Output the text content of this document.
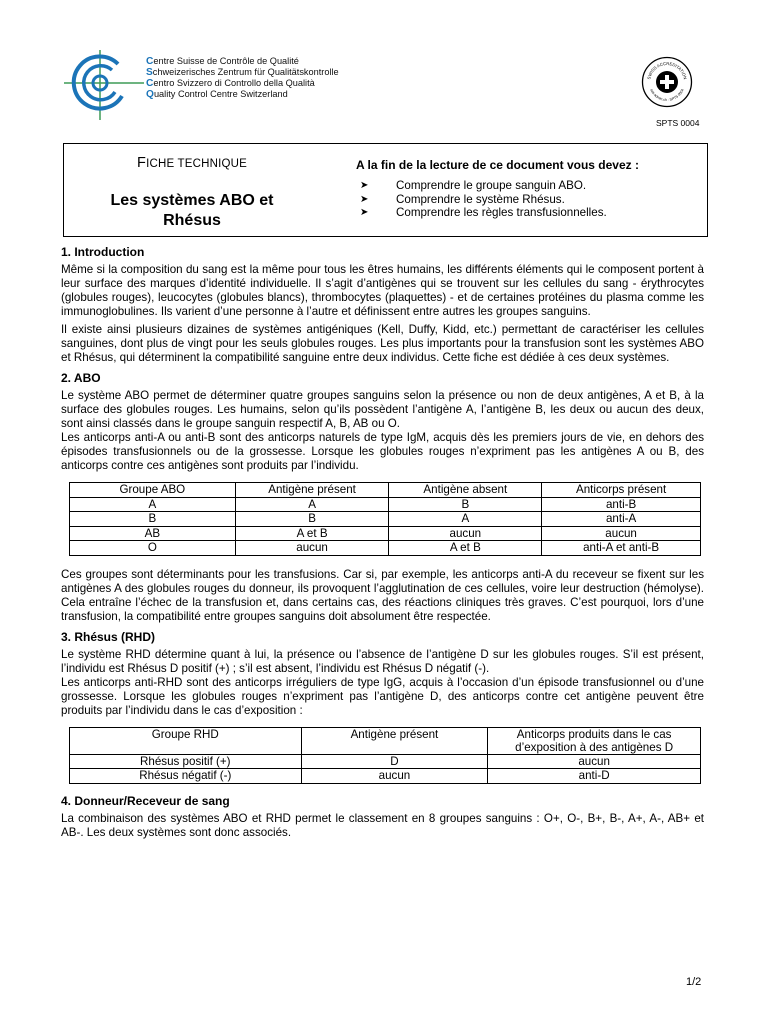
Centre Suisse de Contrôle de Qualité
Schweizerisches Zentrum für Qualitätskontrolle
Centro Svizzero di Controllo della Qualità
Quality Control Centre Switzerland
SWISS ACCREDITATION
sas.admin.ch · SPTS 0004
SPTS 0004
FICHE TECHNIQUE
Les systèmes ABO et
Rhésus
A la fin de la lecture de ce document vous devez :
➤ Comprendre le groupe sanguin ABO.
➤ Comprendre le système Rhésus.
➤ Comprendre les règles transfusionnelles.
1. Introduction

Même si la composition du sang est la même pour tous les êtres humains, les différents éléments qui le composent portent à leur surface des marques d’identité individuelle. Il s’agit d’antigènes qui se trouvent sur les cellules du sang - érythrocytes (globules rouges), leucocytes (globules blancs), thrombocytes (plaquettes) - et de certaines protéines du plasma comme les immunoglobulines. Ils varient d’une personne à l’autre et définissent entre autres les groupes sanguins.

Il existe ainsi plusieurs dizaines de systèmes antigéniques (Kell, Duffy, Kidd, etc.) permettant de caractériser les cellules sanguines, dont plus de vingt pour les seuls globules rouges. Les plus importants pour la transfusion sont les systèmes ABO et Rhésus, qui déterminent la compatibilité sanguine entre deux individus. Cette fiche est dédiée à ces deux systèmes.

2. ABO

Le système ABO permet de déterminer quatre groupes sanguins selon la présence ou non de deux antigènes, A et B, à la surface des globules rouges. Les humains, selon qu’ils possèdent l’antigène A, l’antigène B, les deux ou aucun des deux, sont ainsi classés dans le groupe sanguin respectif A, B, AB ou O.

Les anticorps anti-A ou anti-B sont des anticorps naturels de type IgM, acquis dès les premiers jours de vie, en dehors des épisodes transfusionnels ou de la grossesse. Lorsque les globules rouges n’expriment pas les antigènes A ou B, des anticorps contre ces antigènes sont produits par l’individu.

Groupe ABO	Antigène présent	Antigène absent	Anticorps présent
A	A	B	anti-B
B	B	A	anti-A
AB	A et B	aucun	aucun
O	aucun	A et B	anti-A et anti-B

Ces groupes sont déterminants pour les transfusions. Car si, par exemple, les anticorps anti-A du receveur se fixent sur les antigènes A des globules rouges du donneur, ils provoquent l’agglutination de ces cellules, voire leur destruction (hémolyse). Cela entraîne l’échec de la transfusion et, dans certains cas, des réactions cliniques très graves. C’est pourquoi, lors d’une transfusion, la compatibilité entre groupes sanguins doit absolument être respectée.

3. Rhésus (RHD)

Le système RHD détermine quant à lui, la présence ou l’absence de l’antigène D sur les globules rouges. S’il est présent, l’individu est Rhésus D positif (+) ; s’il est absent, l’individu est Rhésus D négatif (-).

Les anticorps anti-RHD sont des anticorps irréguliers de type IgG, acquis à l’occasion d’un épisode transfusionnel ou d’une grossesse. Lorsque les globules rouges n’expriment pas l’antigène D, des anticorps contre cet antigène peuvent être produits par l’individu dans le cas d’exposition :

Groupe RHD	Antigène présent	Anticorps produits dans le cas d’exposition à des antigènes D
Rhésus positif (+)	D	aucun
Rhésus négatif (-)	aucun	anti-D
4. Donneur/Receveur de sang

La combinaison des systèmes ABO et RHD permet le classement en 8 groupes sanguins : O+, O-, B+, B-, A+, A-, AB+ et AB-. Les deux systèmes sont donc associés.

1/2
